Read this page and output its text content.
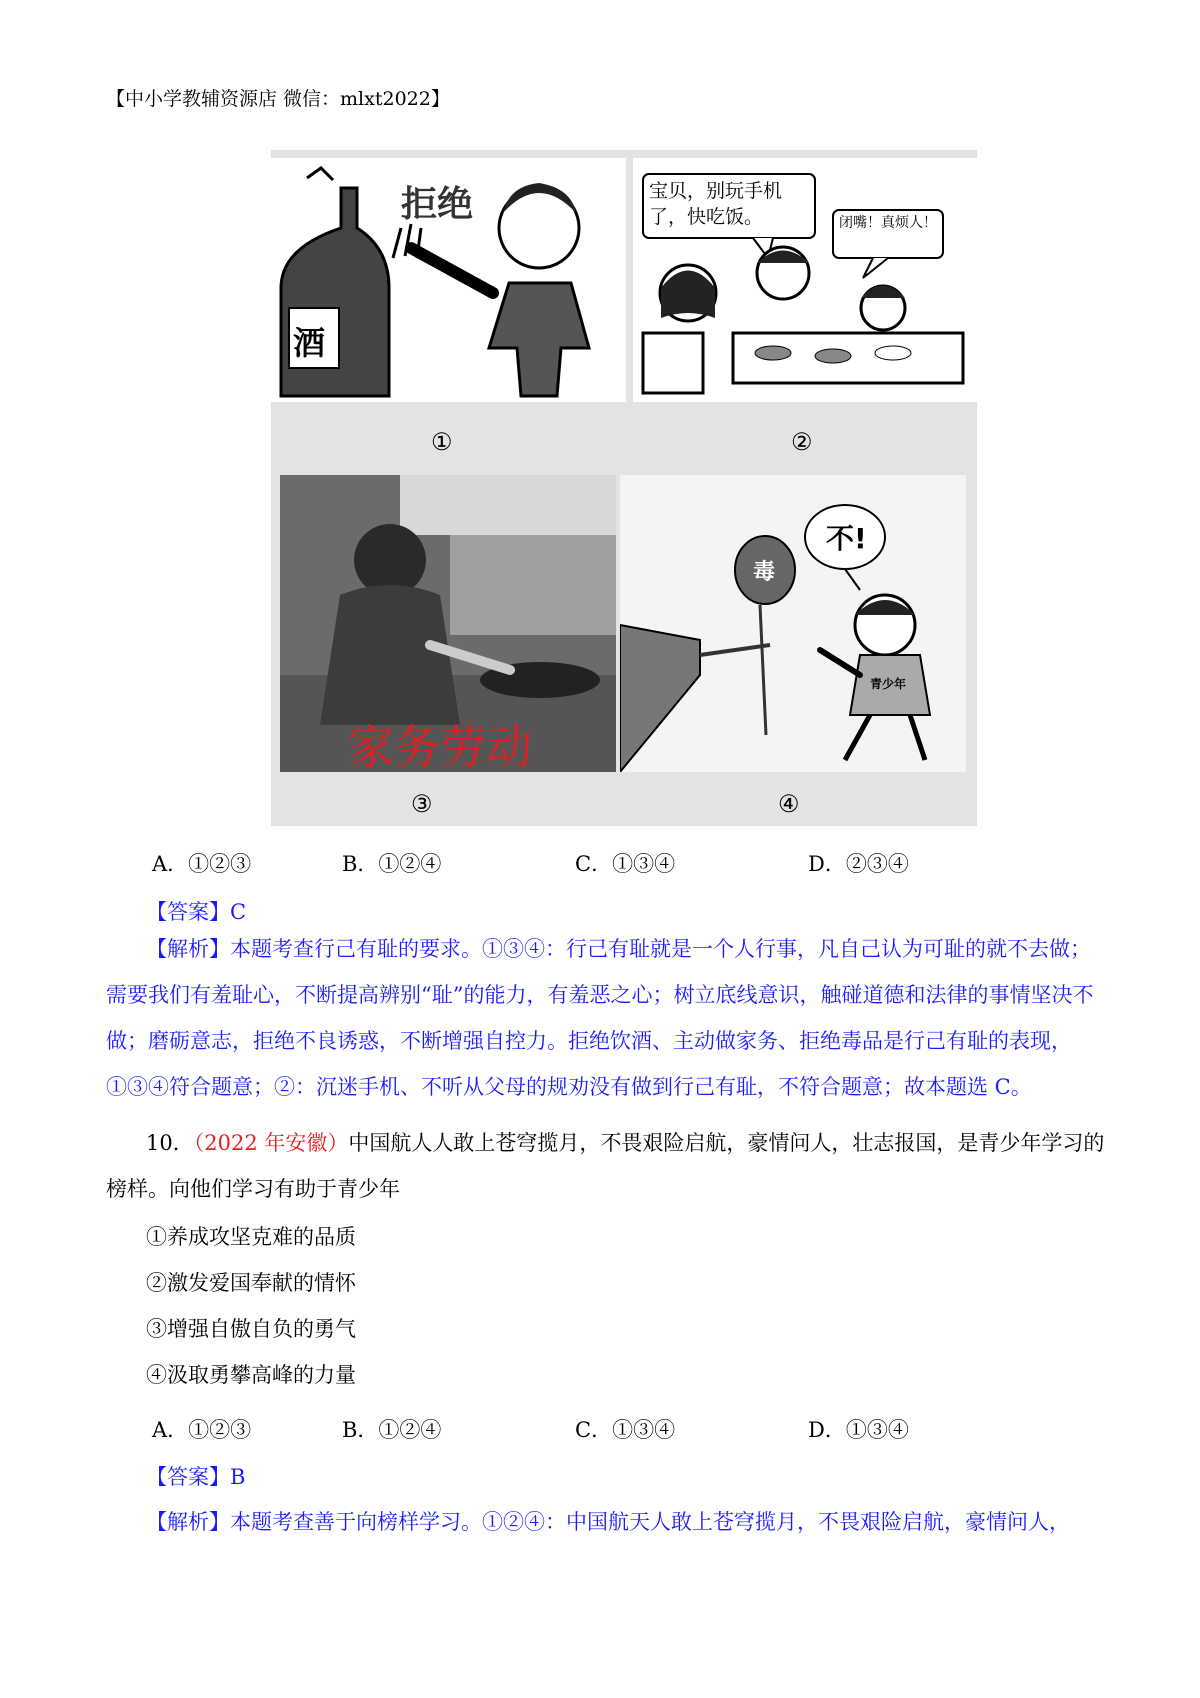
【中小学教辅资源店 微信：mlxt2022】
拒绝
酒
宝贝，别玩手机了，快吃饭。	闭嘴！真烦人！
①	②
家务劳动
不!
毒
青少年
③	④
A．①②③	B．①②④	C．①③④	D．②③④
【答案】C
【解析】本题考查行己有耻的要求。①③④：行己有耻就是一个人行事，凡自己认为可耻的就不去做；
需要我们有羞耻心，不断提高辨别“耻”的能力，有羞恶之心；树立底线意识，触碰道德和法律的事情坚决不
做；磨砺意志，拒绝不良诱惑，不断增强自控力。拒绝饮酒、主动做家务、拒绝毒品是行己有耻的表现，
①③④符合题意；②：沉迷手机、不听从父母的规劝没有做到行己有耻，不符合题意；故本题选 C。
10．（2022 年安徽）中国航人人敢上苍穹揽月，不畏艰险启航，豪情问人，壮志报国，是青少年学习的
榜样。向他们学习有助于青少年
①养成攻坚克难的品质
②激发爱国奉献的情怀
③增强自傲自负的勇气
④汲取勇攀高峰的力量
A．①②③	B．①②④	C．①③④	D．①③④
【答案】B
【解析】本题考查善于向榜样学习。①②④：中国航天人敢上苍穹揽月，不畏艰险启航，豪情问人，
